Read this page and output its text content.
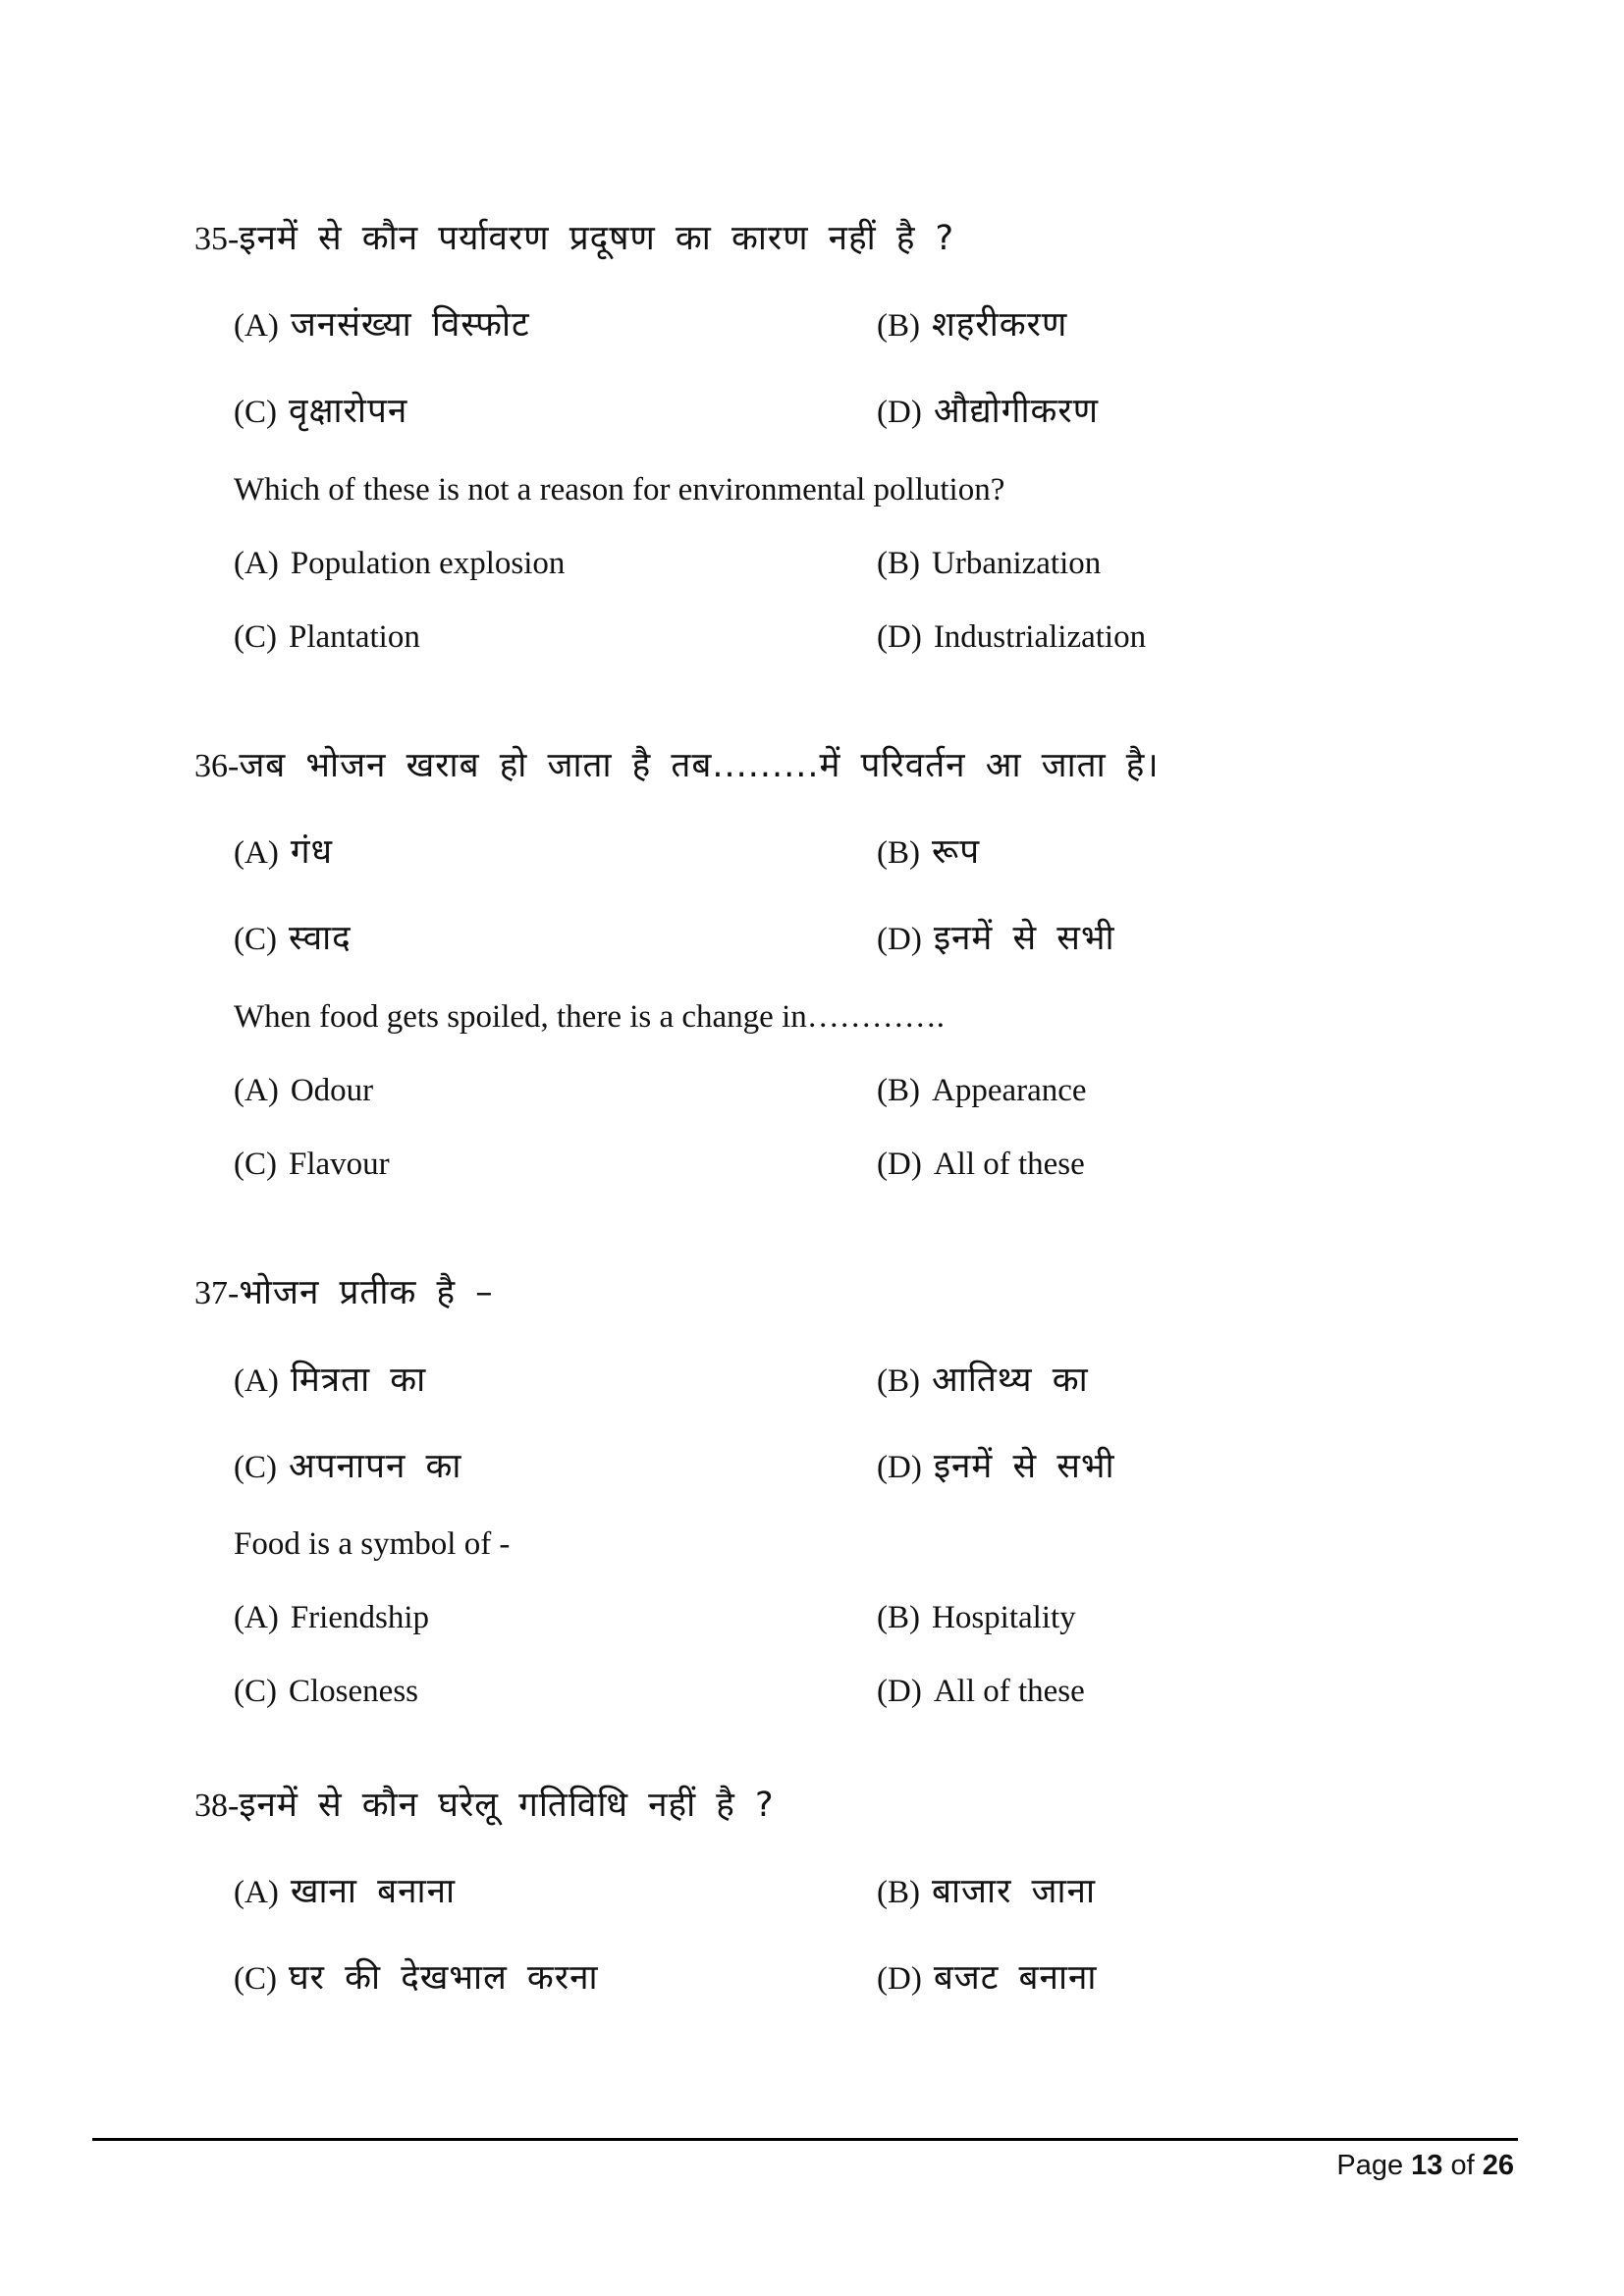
35-इनमें से कौन पर्यावरण प्रदूषण का कारण नहीं है ?
(A) जनसंख्या विस्फोट	(B) शहरीकरण
(C) वृक्षारोपन	(D) औद्योगीकरण
Which of these is not a reason for environmental pollution?
(A) Population explosion	(B) Urbanization
(C) Plantation	(D) Industrialization
36-जब भोजन खराब हो जाता है तब.........में परिवर्तन आ जाता है।
(A) गंध	(B) रूप
(C) स्वाद	(D) इनमें से सभी
When food gets spoiled, there is a change in………….
(A) Odour	(B) Appearance
(C) Flavour	(D) All of these
37-भोजन प्रतीक है –
(A) मित्रता का	(B) आतिथ्य का
(C) अपनापन का	(D) इनमें से सभी
Food is a symbol of -
(A) Friendship	(B) Hospitality
(C) Closeness	(D) All of these
38-इनमें से कौन घरेलू गतिविधि नहीं है ?
(A) खाना बनाना	(B) बाजार जाना
(C) घर की देखभाल करना	(D) बजट बनाना
Page 13 of 26
